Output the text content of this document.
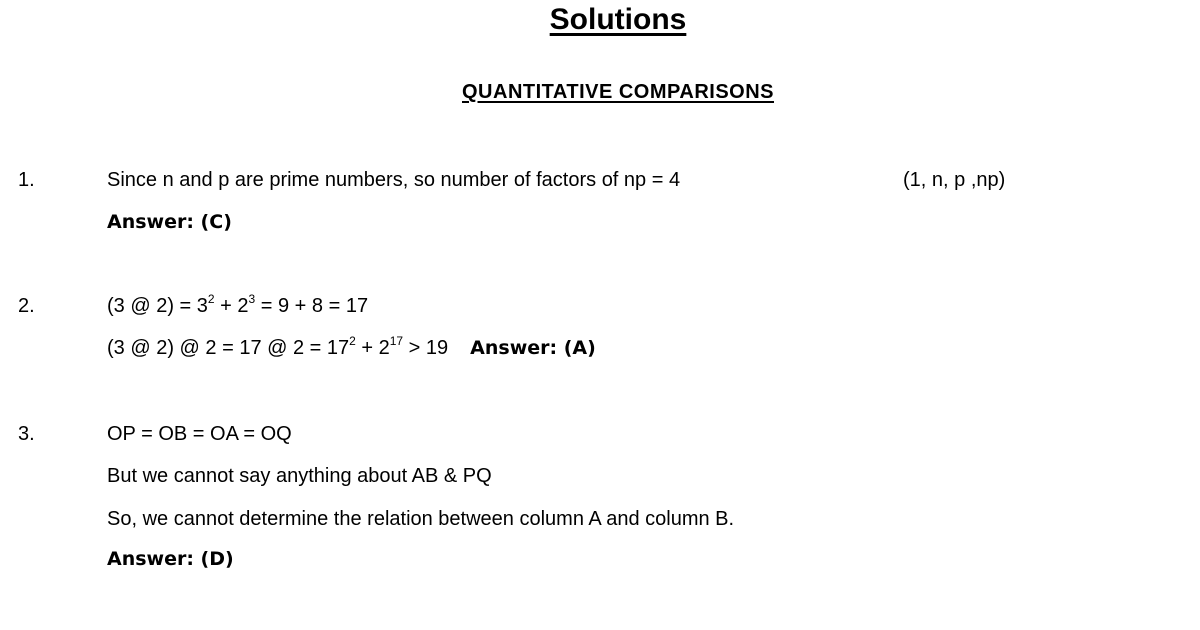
Solutions
QUANTITATIVE COMPARISONS
1.	Since n and p are prime numbers, so number of factors of np = 4	(1, n, p ,np)
Answer: (C)
2.	(3 @ $2) = 3^2 + 2^3 = 9 + 8 = 17$
(3 @ 2) @ 2 = 17 @ $2 = 17^2 + 2^{17} > 19$ Answer: (A)
3.	OP = OB = OA = OQ
But we cannot say anything about AB & PQ
So, we cannot determine the relation between column A and column B.
Answer: (D)
